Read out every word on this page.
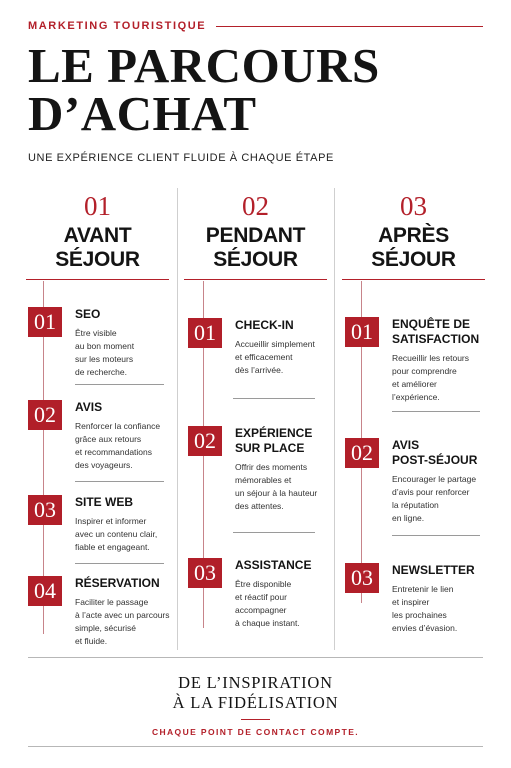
MARKETING TOURISTIQUE
LE PARCOURS
D’ACHAT
UNE EXPÉRIENCE CLIENT FLUIDE À CHAQUE ÉTAPE
01
AVANT
SÉJOUR
01	SEO
Être visible
au bon moment
sur les moteurs
de recherche.
02	AVIS
Renforcer la confiance
grâce aux retours
et recommandations
des voyageurs.
03	SITE WEB
Inspirer et informer
avec un contenu clair,
fiable et engageant.
04	RÉSERVATION
Faciliter le passage
à l’acte avec un parcours
simple, sécurisé
et fluide.
02
PENDANT
SÉJOUR
01	CHECK-IN
Accueillir simplement
et efficacement
dès l’arrivée.
02	EXPÉRIENCE
SUR PLACE
Offrir des moments
mémorables et
un séjour à la hauteur
des attentes.
03	ASSISTANCE
Être disponible
et réactif pour
accompagner
à chaque instant.
03
APRÈS
SÉJOUR
01	ENQUÊTE DE
SATISFACTION
Recueillir les retours
pour comprendre
et améliorer
l’expérience.
02	AVIS
POST-SÉJOUR
Encourager le partage
d’avis pour renforcer
la réputation
en ligne.
03	NEWSLETTER
Entretenir le lien
et inspirer
les prochaines
envies d’évasion.
DE L’INSPIRATION
À LA FIDÉLISATION
CHAQUE POINT DE CONTACT COMPTE.
